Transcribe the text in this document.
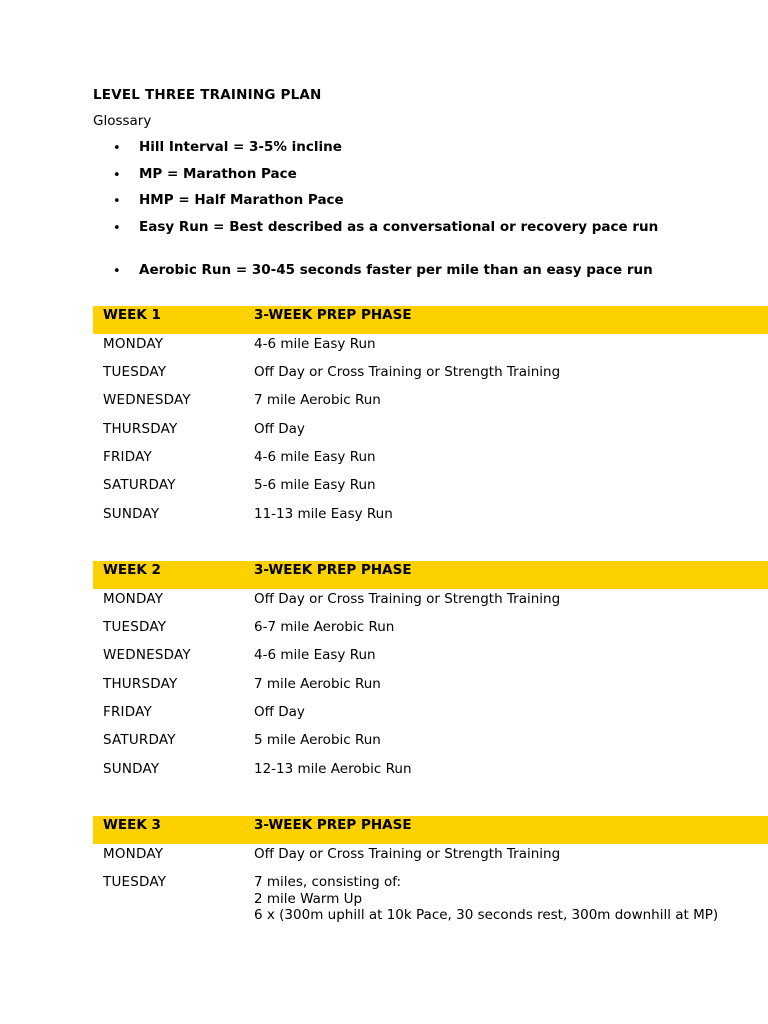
LEVEL THREE TRAINING PLAN
Glossary
• Hill Interval = 3-5% incline
• MP = Marathon Pace
• HMP = Half Marathon Pace
• Easy Run = Best described as a conversational or recovery pace run
• Aerobic Run = 30-45 seconds faster per mile than an easy pace run
WEEK 1	3-WEEK PREP PHASE
MONDAY	4-6 mile Easy Run
TUESDAY	Off Day or Cross Training or Strength Training
WEDNESDAY	7 mile Aerobic Run
THURSDAY	Off Day
FRIDAY	4-6 mile Easy Run
SATURDAY	5-6 mile Easy Run
SUNDAY	11-13 mile Easy Run
WEEK 2	3-WEEK PREP PHASE
MONDAY	Off Day or Cross Training or Strength Training
TUESDAY	6-7 mile Aerobic Run
WEDNESDAY	4-6 mile Easy Run
THURSDAY	7 mile Aerobic Run
FRIDAY	Off Day
SATURDAY	5 mile Aerobic Run
SUNDAY	12-13 mile Aerobic Run
WEEK 3	3-WEEK PREP PHASE
MONDAY	Off Day or Cross Training or Strength Training
TUESDAY	7 miles, consisting of:
2 mile Warm Up
6 x (300m uphill at 10k Pace, 30 seconds rest, 300m downhill at MP)
